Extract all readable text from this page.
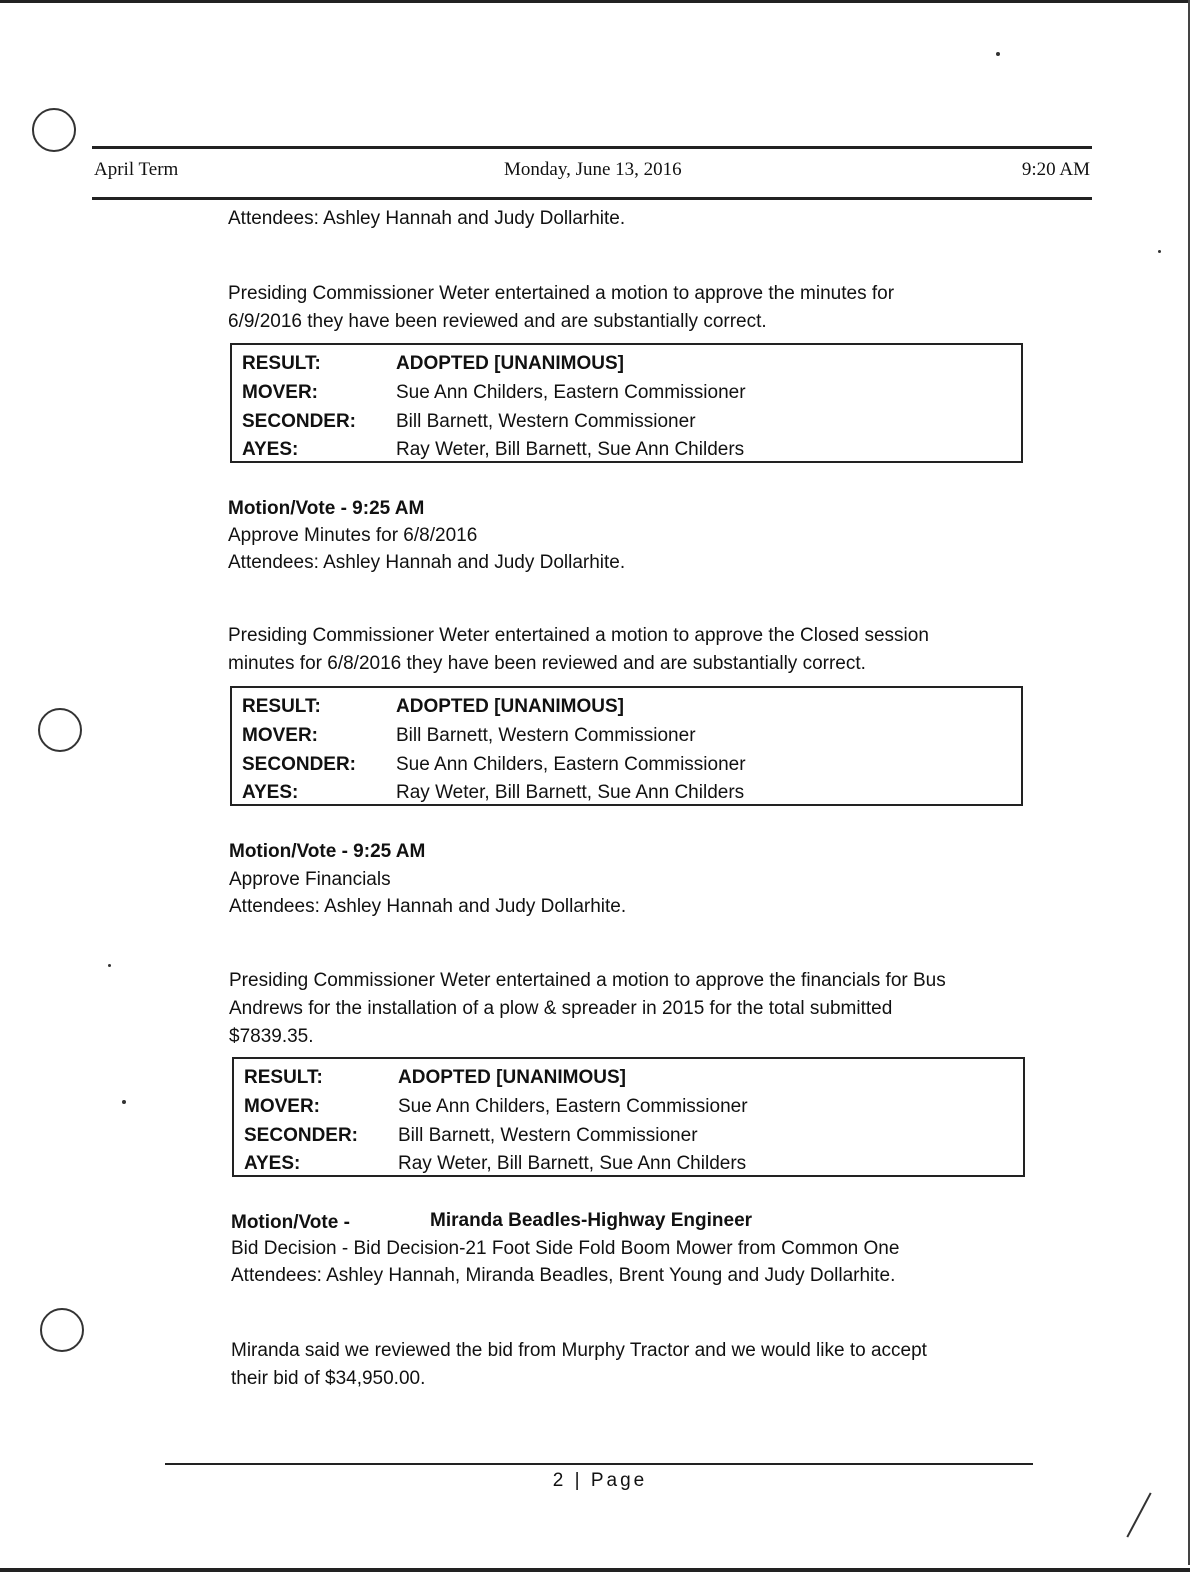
April Term	Monday, June 13, 2016	9:20 AM
Attendees: Ashley Hannah and Judy Dollarhite.
Presiding Commissioner Weter entertained a motion to approve the minutes for
6/9/2016 they have been reviewed and are substantially correct.
RESULT:	ADOPTED [UNANIMOUS]
MOVER:	Sue Ann Childers, Eastern Commissioner
SECONDER: Bill Barnett, Western Commissioner
AYES:	Ray Weter, Bill Barnett, Sue Ann Childers
Motion/Vote - 9:25 AM
Approve Minutes for 6/8/2016
Attendees: Ashley Hannah and Judy Dollarhite.
Presiding Commissioner Weter entertained a motion to approve the Closed session
minutes for 6/8/2016 they have been reviewed and are substantially correct.
RESULT:	ADOPTED [UNANIMOUS]
MOVER:	Bill Barnett, Western Commissioner
SECONDER: Sue Ann Childers, Eastern Commissioner
AYES:	Ray Weter, Bill Barnett, Sue Ann Childers
Motion/Vote - 9:25 AM
Approve Financials
Attendees: Ashley Hannah and Judy Dollarhite.
Presiding Commissioner Weter entertained a motion to approve the financials for Bus
Andrews for the installation of a plow & spreader in 2015 for the total submitted
$7839.35.
RESULT:	ADOPTED [UNANIMOUS]
MOVER:	Sue Ann Childers, Eastern Commissioner
SECONDER: Bill Barnett, Western Commissioner
AYES:	Ray Weter, Bill Barnett, Sue Ann Childers
Motion/Vote -	Miranda Beadles-Highway Engineer
Bid Decision - Bid Decision-21 Foot Side Fold Boom Mower from Common One
Attendees: Ashley Hannah, Miranda Beadles, Brent Young and Judy Dollarhite.
Miranda said we reviewed the bid from Murphy Tractor and we would like to accept
their bid of $34,950.00.
2 | Page
